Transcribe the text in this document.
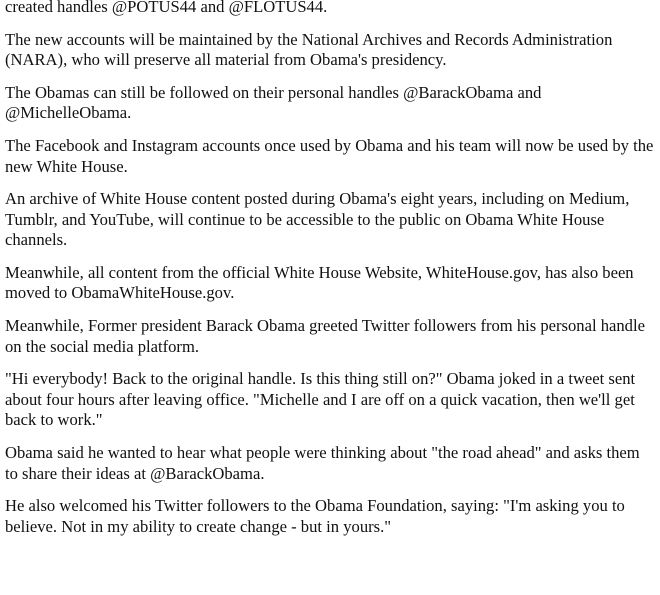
created handles @POTUS44 and @FLOTUS44.

The new accounts will be maintained by the National Archives and Records Administration (NARA), who will preserve all material from Obama's presidency.

The Obamas can still be followed on their personal handles @BarackObama and @MichelleObama.

The Facebook and Instagram accounts once used by Obama and his team will now be used by the new White House.

An archive of White House content posted during Obama's eight years, including on Medium, Tumblr, and YouTube, will continue to be accessible to the public on Obama White House channels.

Meanwhile, all content from the official White House Website, WhiteHouse.gov, has also been moved to ObamaWhiteHouse.gov.

Meanwhile, Former president Barack Obama greeted Twitter followers from his personal handle on the social media platform.

"Hi everybody! Back to the original handle. Is this thing still on?" Obama joked in a tweet sent about four hours after leaving office. "Michelle and I are off on a quick vacation, then we'll get back to work."

Obama said he wanted to hear what people were thinking about "the road ahead" and asks them to share their ideas at @BarackObama.

He also welcomed his Twitter followers to the Obama Foundation, saying: "I'm asking you to believe. Not in my ability to create change - but in yours."
